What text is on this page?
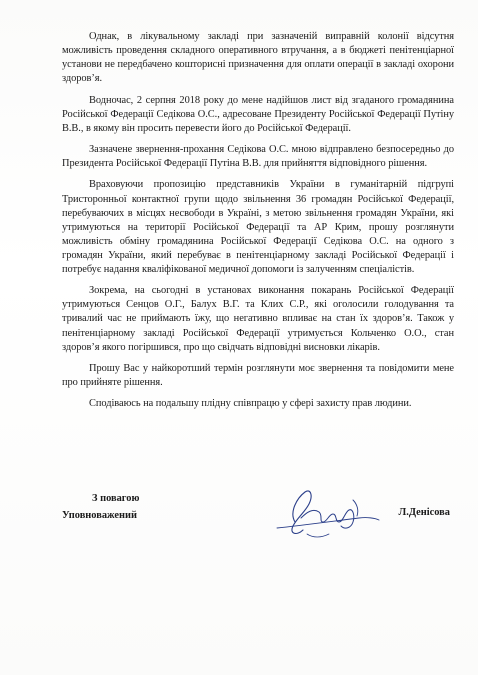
Однак, в лікувальному закладі при зазначеній виправній колонії відсутня можливість проведення складного оперативного втручання, а в бюджеті пенітенціарної установи не передбачено кошторисні призначення для оплати операції в закладі охорони здоров’я.

Водночас, 2 серпня 2018 року до мене надійшов лист від згаданого громадянина Російської Федерації Седікова О.С., адресоване Президенту Російської Федерації Путіну В.В., в якому він просить перевести його до Російської Федерації.

Зазначене звернення-прохання Седікова О.С. мною відправлено безпосередньо до Президента Російської Федерації Путіна В.В. для прийняття відповідного рішення.

Враховуючи пропозицію представників України в гуманітарній підгрупі Тристоронньої контактної групи щодо звільнення 36 громадян Російської Федерації, перебуваючих в місцях несвободи в Україні, з метою звільнення громадян України, які утримуються на території Російської Федерації та АР Крим, прошу розглянути можливість обміну громадянина Російської Федерації Седікова О.С. на одного з громадян України, який перебуває в пенітенціарному закладі Російської Федерації і потребує надання кваліфікованої медичної допомоги із залученням спеціалістів.

Зокрема, на сьогодні в установах виконання покарань Російської Федерації утримуються Сенцов О.Г., Балух В.Г. та Клих С.Р., які оголосили голодування та тривалий час не приймають їжу, що негативно впливає на стан їх здоров’я. Також у пенітенціарному закладі Російської Федерації утримується Кольченко О.О., стан здоров’я якого погіршився, про що свідчать відповідні висновки лікарів.

Прошу Вас у найкоротший термін розглянути моє звернення та повідомити мене про прийняте рішення.

Сподіваюсь на подальшу плідну співпрацю у сфері захисту прав людини.

З повагою
Уповноважений	Л.Денісова
